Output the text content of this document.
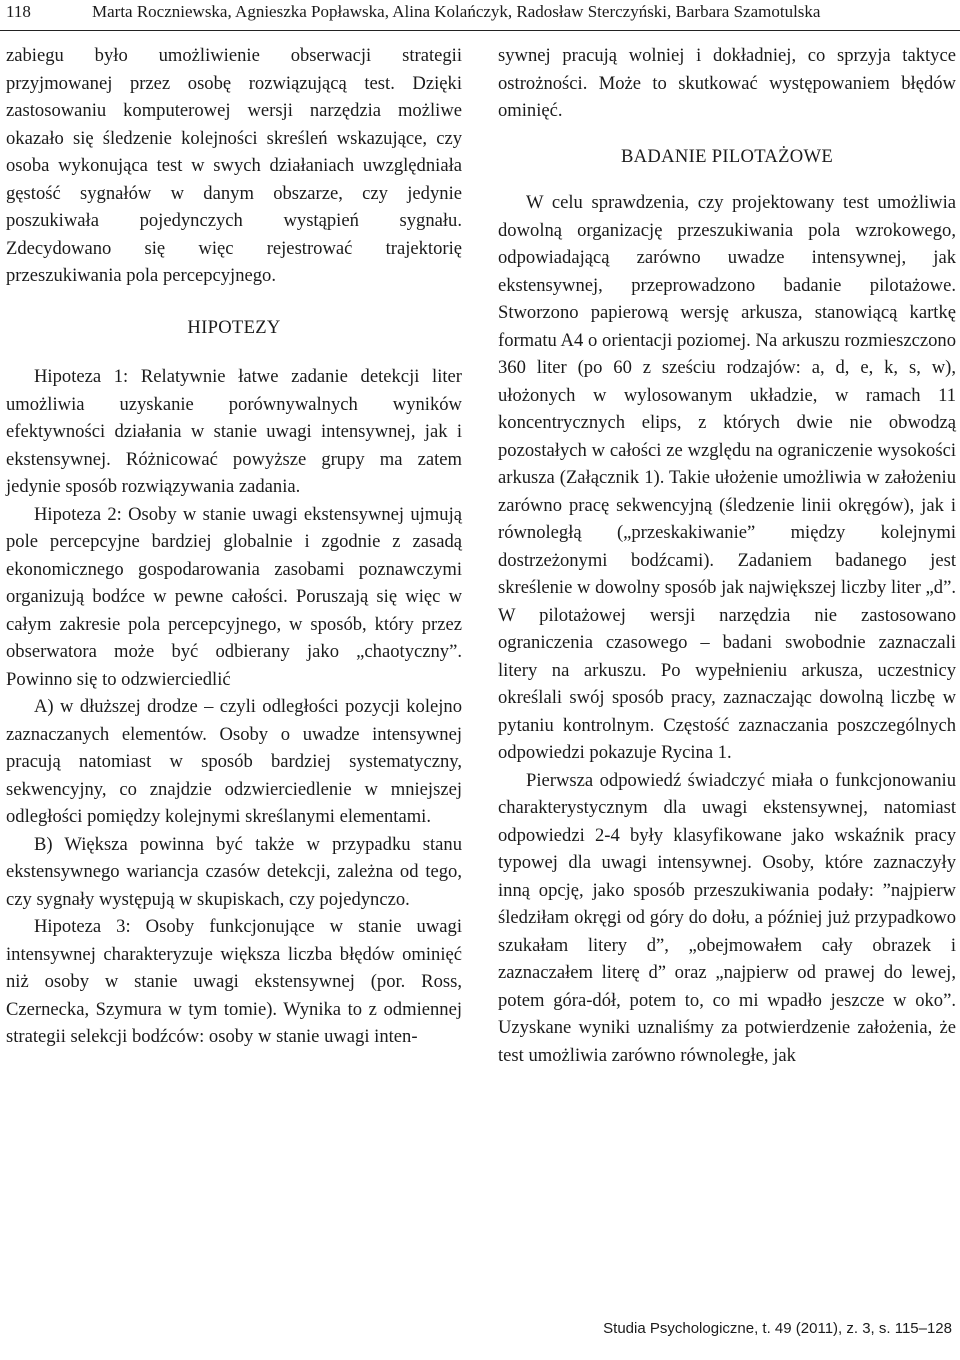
118	Marta Roczniewska, Agnieszka Popławska, Alina Kolańczyk, Radosław Sterczyński, Barbara Szamotulska

zabiegu było umożliwienie obserwacji strategii przyjmowanej przez osobę rozwiązującą test. Dzięki zastosowaniu komputerowej wersji narzędzia możliwe okazało się śledzenie kolejności skreśleń wskazujące, czy osoba wykonująca test w swych działaniach uwzględniała gęstość sygnałów w danym obszarze, czy jedynie poszukiwała pojedynczych wystąpień sygnału. Zdecydowano się więc rejestrować trajektorię przeszukiwania pola percepcyjnego.

HIPOTEZY

Hipoteza 1: Relatywnie łatwe zadanie detekcji liter umożliwia uzyskanie porównywalnych wyników efektywności działania w stanie uwagi intensywnej, jak i ekstensywnej. Różnicować powyższe grupy ma zatem jedynie sposób rozwiązywania zadania.

Hipoteza 2: Osoby w stanie uwagi ekstensywnej ujmują pole percepcyjne bardziej globalnie i zgodnie z zasadą ekonomicznego gospodarowania zasobami poznawczymi organizują bodźce w pewne całości. Poruszają się więc w całym zakresie pola percepcyjnego, w sposób, który przez obserwatora może być odbierany jako „chaotyczny”. Powinno się to odzwierciedlić

A) w dłuższej drodze – czyli odległości pozycji kolejno zaznaczanych elementów. Osoby o uwadze intensywnej pracują natomiast w sposób bardziej systematyczny, sekwencyjny, co znajdzie odzwierciedlenie w mniejszej odległości pomiędzy kolejnymi skreślanymi elementami.

B) Większa powinna być także w przypadku stanu ekstensywnego wariancja czasów detekcji, zależna od tego, czy sygnały występują w skupiskach, czy pojedynczo.

Hipoteza 3: Osoby funkcjonujące w stanie uwagi intensywnej charakteryzuje większa liczba błędów ominięć niż osoby w stanie uwagi ekstensywnej (por. Ross, Czernecka, Szymura w tym tomie). Wynika to z odmiennej strategii selekcji bodźców: osoby w stanie uwagi inten-

sywnej pracują wolniej i dokładniej, co sprzyja taktyce ostrożności. Może to skutkować występowaniem błędów ominięć.

BADANIE PILOTAŻOWE

W celu sprawdzenia, czy projektowany test umożliwia dowolną organizację przeszukiwania pola wzrokowego, odpowiadającą zarówno uwadze intensywnej, jak ekstensywnej, przeprowadzono badanie pilotażowe. Stworzono papierową wersję arkusza, stanowiącą kartkę formatu A4 o orientacji poziomej. Na arkuszu rozmieszczono 360 liter (po 60 z sześciu rodzajów: a, d, e, k, s, w), ułożonych w wylosowanym układzie, w ramach 11 koncentrycznych elips, z których dwie nie obwodzą pozostałych w całości ze względu na ograniczenie wysokości arkusza (Załącznik 1). Takie ułożenie umożliwia w założeniu zarówno pracę sekwencyjną (śledzenie linii okręgów), jak i równoległą („przeskakiwanie” między kolejnymi dostrzeżonymi bodźcami). Zadaniem badanego jest skreślenie w dowolny sposób jak największej liczby liter „d”. W pilotażowej wersji narzędzia nie zastosowano ograniczenia czasowego – badani swobodnie zaznaczali litery na arkuszu. Po wypełnieniu arkusza, uczestnicy określali swój sposób pracy, zaznaczając dowolną liczbę w pytaniu kontrolnym. Częstość zaznaczania poszczególnych odpowiedzi pokazuje Rycina 1.

Pierwsza odpowiedź świadczyć miała o funkcjonowaniu charakterystycznym dla uwagi ekstensywnej, natomiast odpowiedzi 2-4 były klasyfikowane jako wskaźnik pracy typowej dla uwagi intensywnej. Osoby, które zaznaczyły inną opcję, jako sposób przeszukiwania podały: ”najpierw śledziłam okręgi od góry do dołu, a później już przypadkowo szukałam litery d”, „obejmowałem cały obrazek i zaznaczałem literę d” oraz „najpierw od prawej do lewej, potem góra-dół, potem to, co mi wpadło jeszcze w oko”. Uzyskane wyniki uznaliśmy za potwierdzenie założenia, że test umożliwia zarówno równoległe, jak

Studia Psychologiczne, t. 49 (2011), z. 3, s. 115–128
